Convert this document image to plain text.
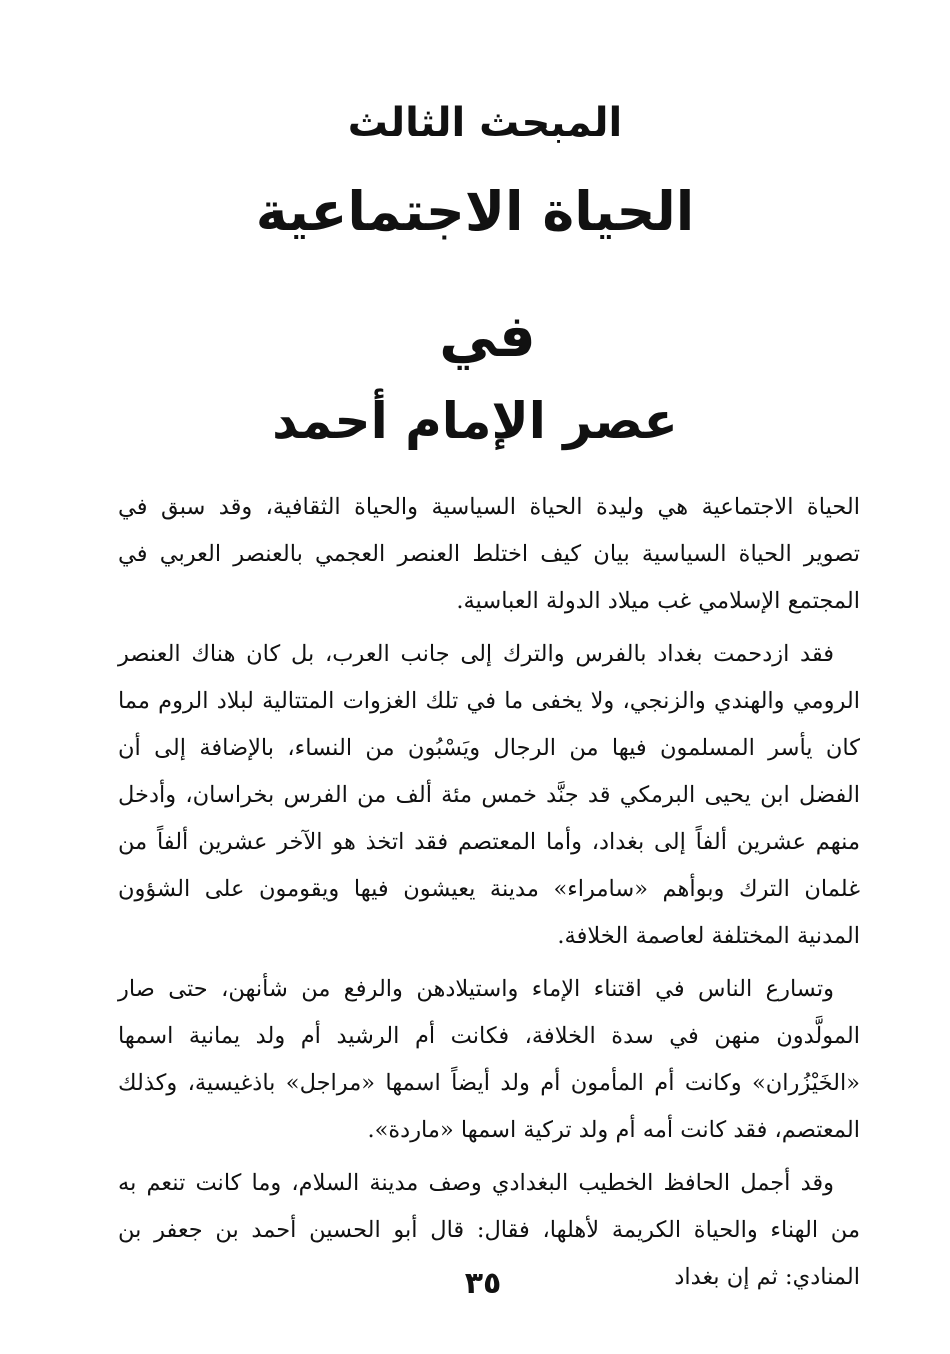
المبحث الثالث
الحياة الاجتماعية
في
عصر الإمام أحمد

الحياة الاجتماعية هي وليدة الحياة السياسية والحياة الثقافية، وقد سبق في تصوير الحياة السياسية بيان كيف اختلط العنصر العجمي بالعنصر العربي في المجتمع الإسلامي غب ميلاد الدولة العباسية.

فقد ازدحمت بغداد بالفرس والترك إلى جانب العرب، بل كان هناك العنصر الرومي والهندي والزنجي، ولا يخفى ما في تلك الغزوات المتتالية لبلاد الروم مما كان يأسر المسلمون فيها من الرجال ويَسْبُون من النساء، بالإضافة إلى أن الفضل ابن يحيى البرمكي قد جنَّد خمس مئة ألف من الفرس بخراسان، وأدخل منهم عشرين ألفاً إلى بغداد، وأما المعتصم فقد اتخذ هو الآخر عشرين ألفاً من غلمان الترك وبوأهم «سامراء» مدينة يعيشون فيها ويقومون على الشؤون المدنية المختلفة لعاصمة الخلافة.

وتسارع الناس في اقتناء الإماء واستيلادهن والرفع من شأنهن، حتى صار المولَّدون منهن في سدة الخلافة، فكانت أم الرشيد أم ولد يمانية اسمها «الخَيْزُران» وكانت أم المأمون أم ولد أيضاً اسمها «مراجل» باذغيسية، وكذلك المعتصم، فقد كانت أمه أم ولد تركية اسمها «ماردة».

وقد أجمل الحافظ الخطيب البغدادي وصف مدينة السلام، وما كانت تنعم به من الهناء والحياة الكريمة لأهلها، فقال: قال أبو الحسين أحمد بن جعفر بن المنادي: ثم إن بغداد

٣٥
